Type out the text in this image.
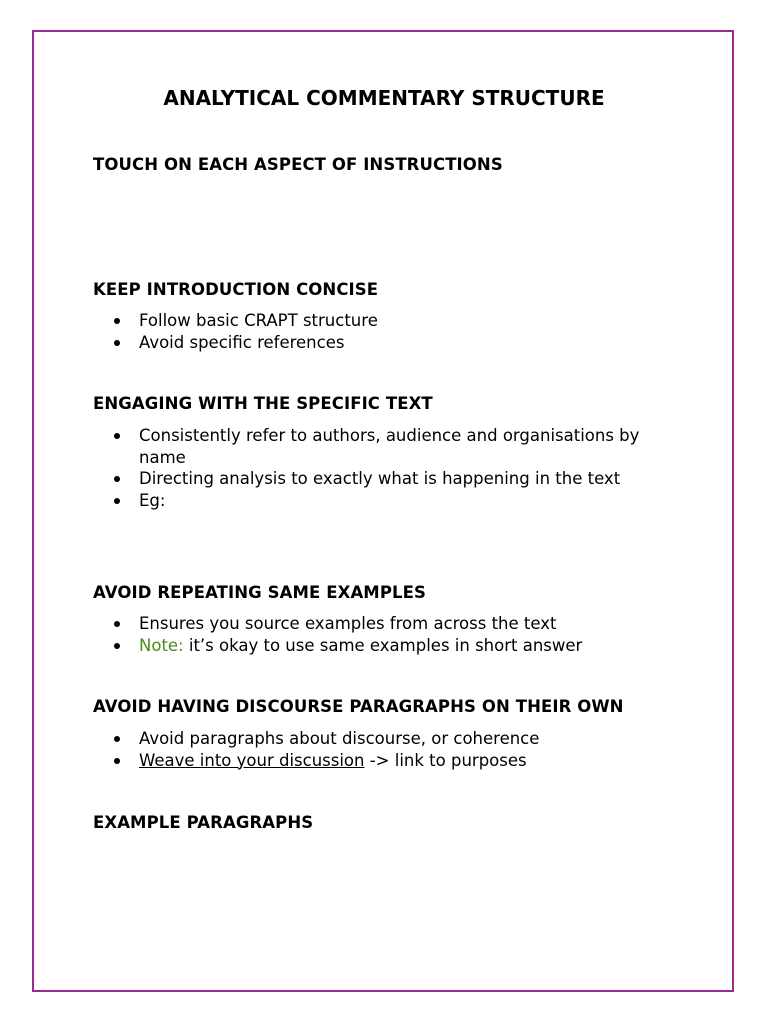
ANALYTICAL COMMENTARY STRUCTURE
TOUCH ON EACH ASPECT OF INSTRUCTIONS
KEEP INTRODUCTION CONCISE
Follow basic CRAPT structure
Avoid specific references
ENGAGING WITH THE SPECIFIC TEXT
Consistently refer to authors, audience and organisations by name
Directing analysis to exactly what is happening in the text
Eg:
AVOID REPEATING SAME EXAMPLES
Ensures you source examples from across the text
Note: it’s okay to use same examples in short answer
AVOID HAVING DISCOURSE PARAGRAPHS ON THEIR OWN
Avoid paragraphs about discourse, or coherence
Weave into your discussion -> link to purposes
EXAMPLE PARAGRAPHS
